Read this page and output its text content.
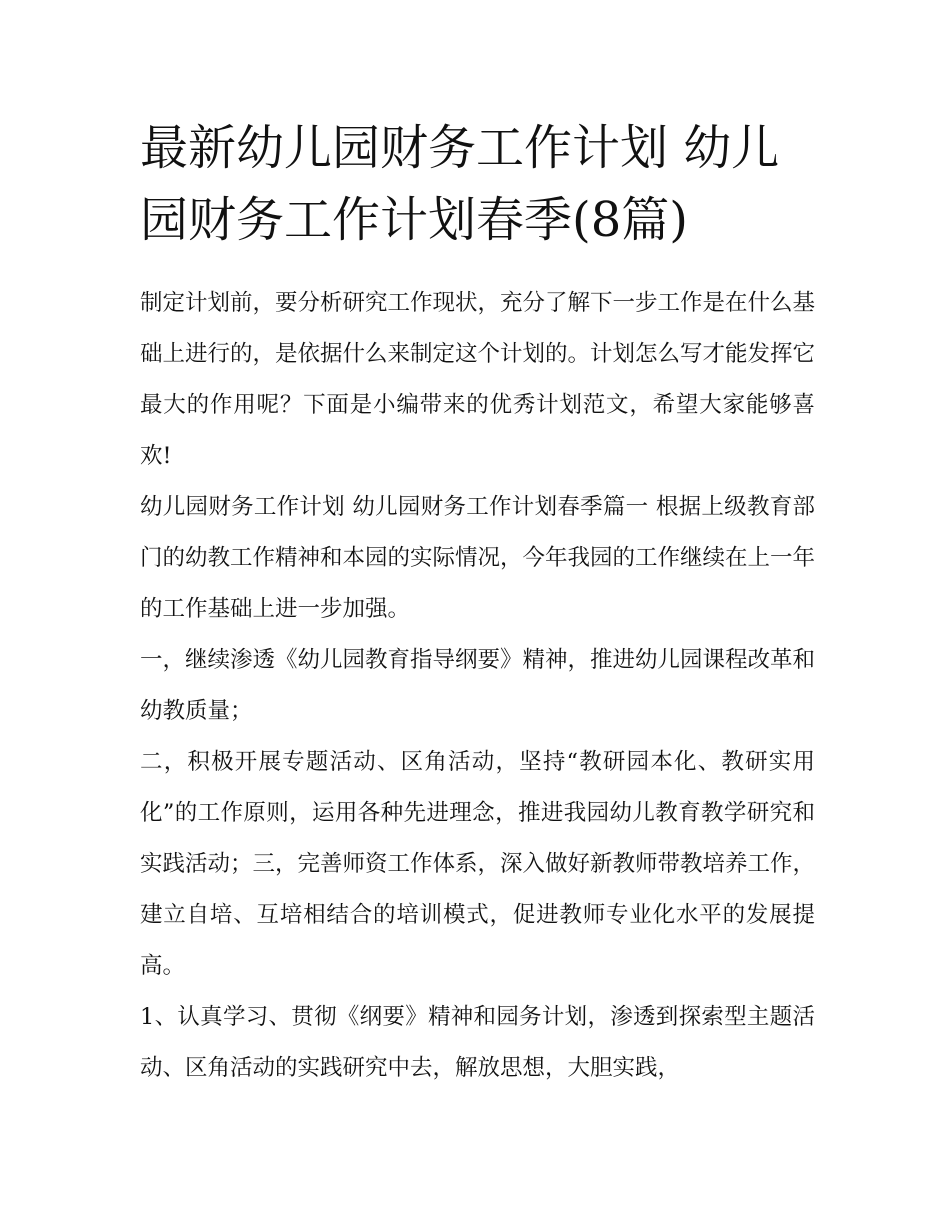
最新幼儿园财务工作计划 幼儿园财务工作计划春季(8篇)

制定计划前，要分析研究工作现状，充分了解下一步工作是在什么基础上进行的，是依据什么来制定这个计划的。计划怎么写才能发挥它最大的作用呢？下面是小编带来的优秀计划范文，希望大家能够喜欢!

幼儿园财务工作计划 幼儿园财务工作计划春季篇一 根据上级教育部门的幼教工作精神和本园的实际情况，今年我园的工作继续在上一年的工作基础上进一步加强。

一，继续渗透《幼儿园教育指导纲要》精神，推进幼儿园课程改革和幼教质量；

二，积极开展专题活动、区角活动，坚持“教研园本化、教研实用化”的工作原则，运用各种先进理念，推进我园幼儿教育教学研究和实践活动；三，完善师资工作体系，深入做好新教师带教培养工作，建立自培、互培相结合的培训模式，促进教师专业化水平的发展提高。

1、认真学习、贯彻《纲要》精神和园务计划，渗透到探索型主题活动、区角活动的实践研究中去，解放思想，大胆实践，
